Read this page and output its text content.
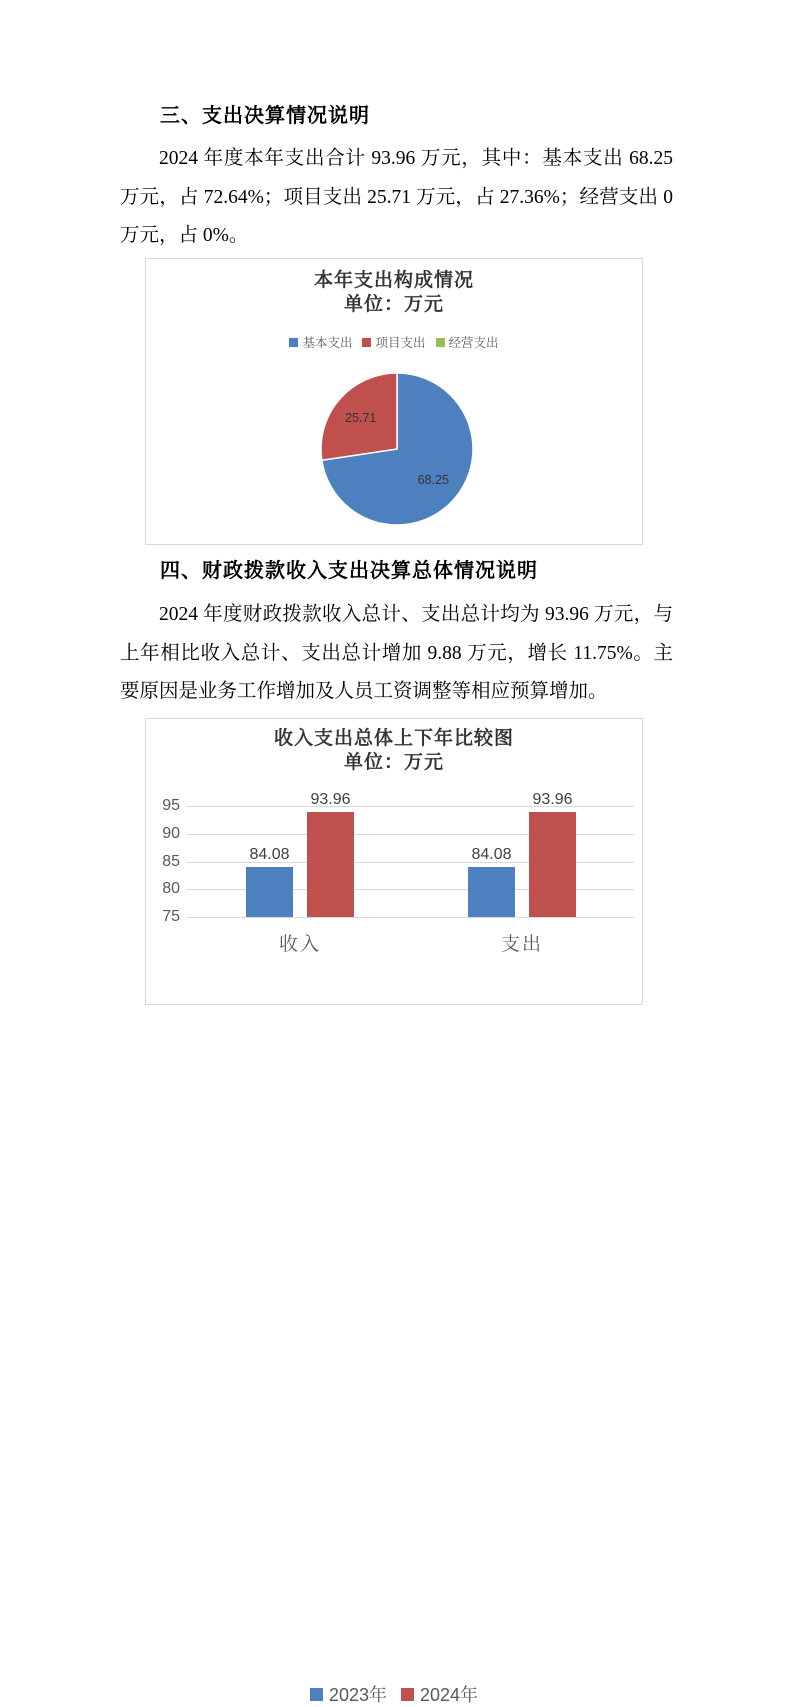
三、支出决算情况说明
2024 年度本年支出合计 93.96 万元，其中：基本支出 68.25 万元，占 72.64%；项目支出 25.71 万元，占 27.36%；经营支出 0 万元，占 0%。
本年支出构成情况
单位：万元
基本支出 项目支出 经营支出
68.25
25.71
四、财政拨款收入支出决算总体情况说明
2024 年度财政拨款收入总计、支出总计均为 93.96 万元，与上年相比收入总计、支出总计增加 9.88 万元，增长 11.75%。主要原因是业务工作增加及人员工资调整等相应预算增加。
收入支出总体上下年比较图
单位：万元
95
90
85
80
75
84.08
93.96
收入
84.08
93.96
支出
2023年 2024年
